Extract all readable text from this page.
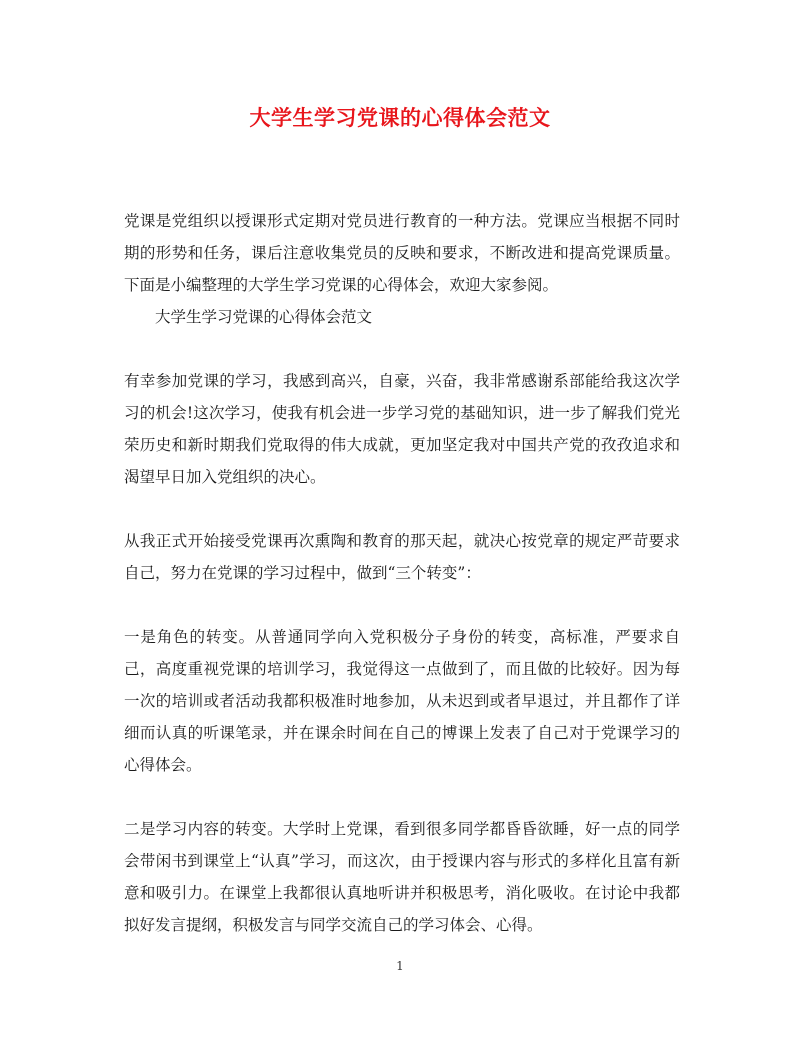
大学生学习党课的心得体会范文

党课是党组织以授课形式定期对党员进行教育的一种方法。党课应当根据不同时期的形势和任务，课后注意收集党员的反映和要求，不断改进和提高党课质量。下面是小编整理的大学生学习党课的心得体会，欢迎大家参阅。

大学生学习党课的心得体会范文

有幸参加党课的学习，我感到高兴，自豪，兴奋，我非常感谢系部能给我这次学习的机会!这次学习，使我有机会进一步学习党的基础知识，进一步了解我们党光荣历史和新时期我们党取得的伟大成就，更加坚定我对中国共产党的孜孜追求和渴望早日加入党组织的决心。

从我正式开始接受党课再次熏陶和教育的那天起，就决心按党章的规定严苛要求自己，努力在党课的学习过程中，做到“三个转变”：

一是角色的转变。从普通同学向入党积极分子身份的转变，高标准，严要求自己，高度重视党课的培训学习，我觉得这一点做到了，而且做的比较好。因为每一次的培训或者活动我都积极准时地参加，从未迟到或者早退过，并且都作了详细而认真的听课笔录，并在课余时间在自己的博课上发表了自己对于党课学习的心得体会。

二是学习内容的转变。大学时上党课，看到很多同学都昏昏欲睡，好一点的同学会带闲书到课堂上“认真”学习，而这次，由于授课内容与形式的多样化且富有新意和吸引力。在课堂上我都很认真地听讲并积极思考，消化吸收。在讨论中我都拟好发言提纲，积极发言与同学交流自己的学习体会、心得。

1
